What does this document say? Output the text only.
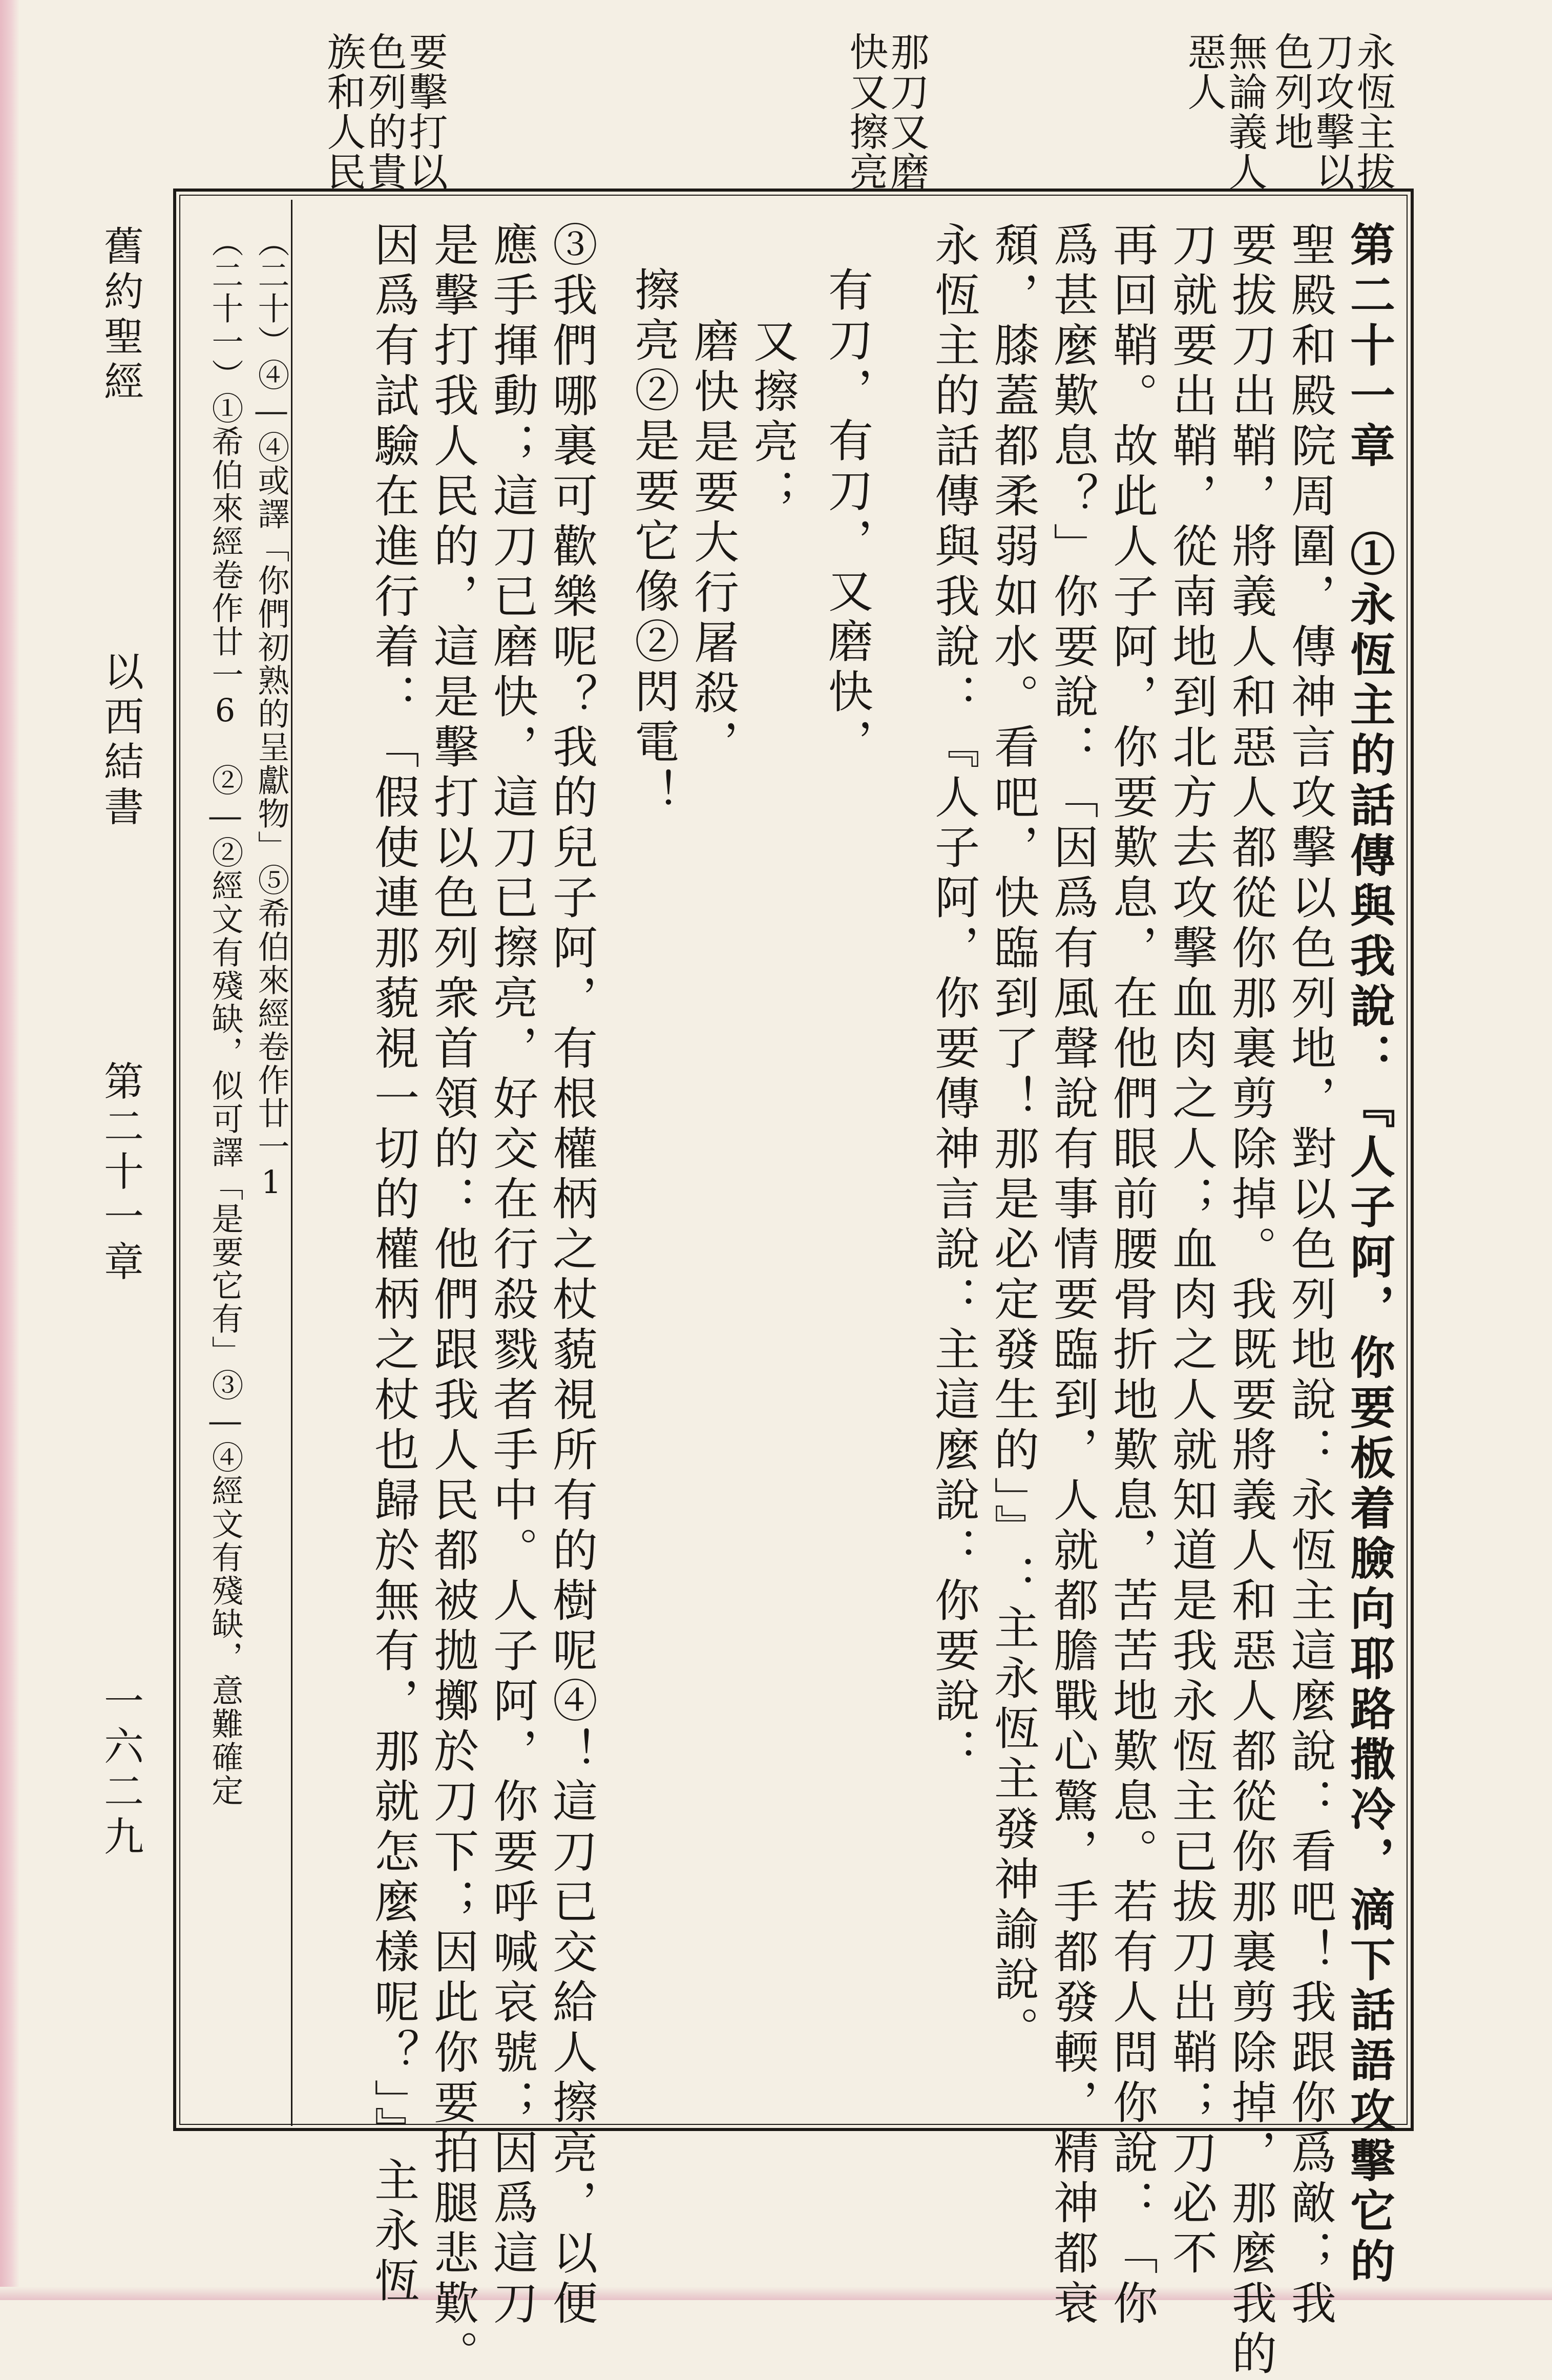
永恆主拔
刀攻擊以
色列地
無論義人
惡人
那刀又磨
快又擦亮
要擊打以
色列的貴
族和人民
第二十一章 ①永恆主的話傳與我說：『人子阿，你要板着臉向耶路撒冷，滴下話語攻擊它的
聖殿和殿院周圍，傳神言攻擊以色列地，對以色列地說：永恆主這麼說：看吧！我跟你爲敵；我
要拔刀出鞘，將義人和惡人都從你那裏剪除掉。我既要將義人和惡人都從你那裏剪除掉，那麼我的
刀就要出鞘，從南地到北方去攻擊血肉之人；血肉之人就知道是我永恆主已拔刀出鞘；刀必不
再回鞘。故此人子阿，你要歎息，在他們眼前腰骨折地歎息，苦苦地歎息。若有人問你說：「你
爲甚麼歎息？」你要說：「因爲有風聲說有事情要臨到，人就都膽戰心驚，手都發輭，精神都衰
頹，膝蓋都柔弱如水。看吧，快臨到了！那是必定發生的」』：主永恆主發神諭說。
永恆主的話傳與我說：『人子阿，你要傳神言說：主這麼說：你要說：
有刀，有刀，又磨快，
又擦亮；
磨快是要大行屠殺，
擦亮②是要它像②閃電！
③我們哪裏可歡樂呢？我的兒子阿，有根權柄之杖藐視所有的樹呢④！這刀已交給人擦亮，以便
應手揮動；這刀已磨快，這刀已擦亮，好交在行殺戮者手中。人子阿，你要呼喊哀號；因爲這刀
是擊打我人民的，這是擊打以色列衆首領的：他們跟我人民都被拋擲於刀下；因此你要拍腿悲歎。
因爲有試驗在進行着：「假使連那藐視一切的權柄之杖也歸於無有，那就怎麼樣呢？」』主永恆
（二十）④―④或譯「你們初熟的呈獻物」⑤希伯來經卷作廿一1
（二十一）①希伯來經卷作廿一6　②―②經文有殘缺，似可譯「是要它有」③―④經文有殘缺，意難確定
舊約聖經
以西結書
第二十一章
一六二九
